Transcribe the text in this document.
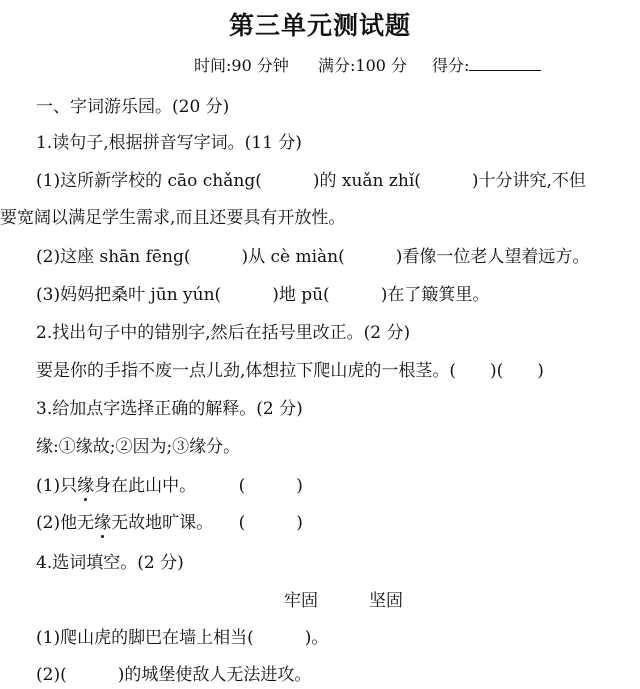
第三单元测试题
时间:90 分钟 满分:100 分 得分:
一、字词游乐园。(20 分)
1.读句子,根据拼音写字词。(11 分)
(1)这所新学校的 cāo chǎng(　　　)的 xuǎn zhǐ(　　　)十分讲究,不但
要宽阔以满足学生需求,而且还要具有开放性。
(2)这座 shān fēng(　　　)从 cè miàn(　　　)看像一位老人望着远方。
(3)妈妈把桑叶 jūn yún(　　　)地 pū(　　　)在了簸箕里。
2.找出句子中的错别字,然后在括号里改正。(2 分)
要是你的手指不废一点儿劲,体想拉下爬山虎的一根茎。(　　)(　　)
3.给加点字选择正确的解释。(2 分)
缘:①缘故;②因为;③缘分。
(1)只缘身在此山中。　　　(　　　)
(2)他无缘无故地旷课。　　(　　　)
4.选词填空。(2 分)
牢固　　　坚固
(1)爬山虎的脚巴在墙上相当(　　　)。
(2)(　　　)的城堡使敌人无法进攻。
